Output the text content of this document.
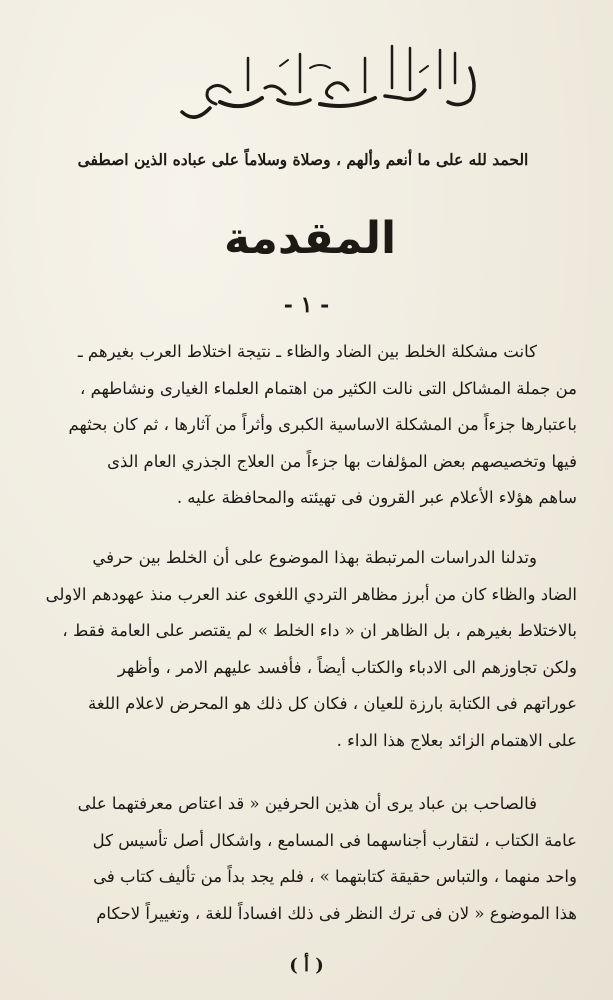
الحمد لله على ما أنعم وألهم ، وصلاة وسلاماً على عباده الذين اصطفى
المقدمة
- ١ -
كانت مشكلة الخلط بين الضاد والظاء ـ نتيجة اختلاط العرب بغيرهم ـ
من جملة المشاكل التى نالت الكثير من اهتمام العلماء الغيارى ونشاطهم ،
باعتبارها جزءاً من المشكلة الاساسية الكبرى وأثراً من آثارها ، ثم كان بحثهم
فيها وتخصيصهم بعض المؤلفات بها جزءاً من العلاج الجذري العام الذى
ساهم هؤلاء الأعلام عبر القرون فى تهيئته والمحافظة عليه .
وتدلنا الدراسات المرتبطة بهذا الموضوع على أن الخلط بين حرفي
الضاد والظاء كان من أبرز مظاهر التردي اللغوى عند العرب منذ عهودهم الاولى
بالاختلاط بغيرهم ، بل الظاهر ان « داء الخلط » لم يقتصر على العامة فقط ،
ولكن تجاوزهم الى الادباء والكتاب أيضاً ، فأفسد عليهم الامر ، وأظهر
عوراتهم فى الكتابة بارزة للعيان ، فكان كل ذلك هو المحرض لاعلام اللغة
على الاهتمام الزائد بعلاج هذا الداء .
فالصاحب بن عباد يرى أن هذين الحرفين « قد اعتاص معرفتهما على
عامة الكتاب ، لتقارب أجناسهما فى المسامع ، واشكال أصل تأسيس كل
واحد منهما ، والتباس حقيقة كتابتهما » ، فلم يجد بداً من تأليف كتاب فى
هذا الموضوع « لان فى ترك النظر فى ذلك افساداً للغة ، وتغييراً لاحكام
( أ )
